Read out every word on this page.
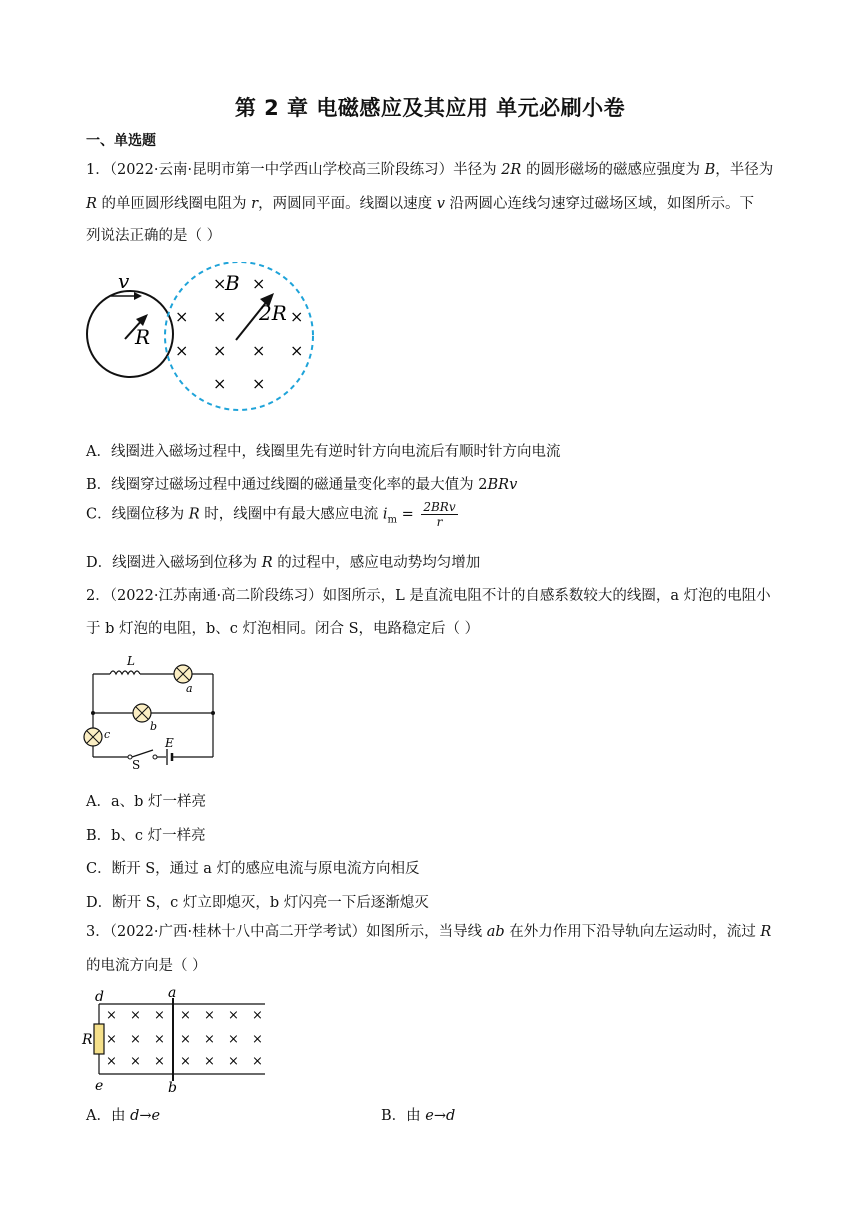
第 2 章 电磁感应及其应用 单元必刷小卷
一、单选题
1．（2022·云南·昆明市第一中学西山学校高三阶段练习）半径为 2R 的圆形磁场的磁感应强度为 B，半径为
R 的单匝圆形线圈电阻为 r，两圆同平面。线圈以速度 v 沿两圆心连线匀速穿过磁场区域，如图所示。下
列说法正确的是（ ）
v
R
×
B ×
× × 2R ×
× × × ×
× ×
A．线圈进入磁场过程中，线圈里先有逆时针方向电流后有顺时针方向电流
B．线圈穿过磁场过程中通过线圈的磁通量变化率的最大值为 2BRv
C．线圈位移为 R 时，线圈中有最大感应电流 $i_m = \frac{\text{2BRv}}{r}$
D．线圈进入磁场到位移为 R 的过程中，感应电动势均匀增加
2．（2022·江苏南通·高二阶段练习）如图所示，L 是直流电阻不计的自感系数较大的线圈，a 灯泡的电阻小
于 b 灯泡的电阻，b、c 灯泡相同。闭合 S，电路稳定后（ ）
L
a
b
c
E
S
A．a、b 灯一样亮
B．b、c 灯一样亮
C．断开 S，通过 a 灯的感应电流与原电流方向相反
D．断开 S，c 灯立即熄灭，b 灯闪亮一下后逐渐熄灭
3．（2022·广西·桂林十八中高二开学考试）如图所示，当导线 ab 在外力作用下沿导轨向左运动时，流过 R
的电流方向是（ ）
d	a
R
e	b
× × × × × × ×
× × × × × × ×
× × × × × × ×
A．由 d→e	B．由 e→d
